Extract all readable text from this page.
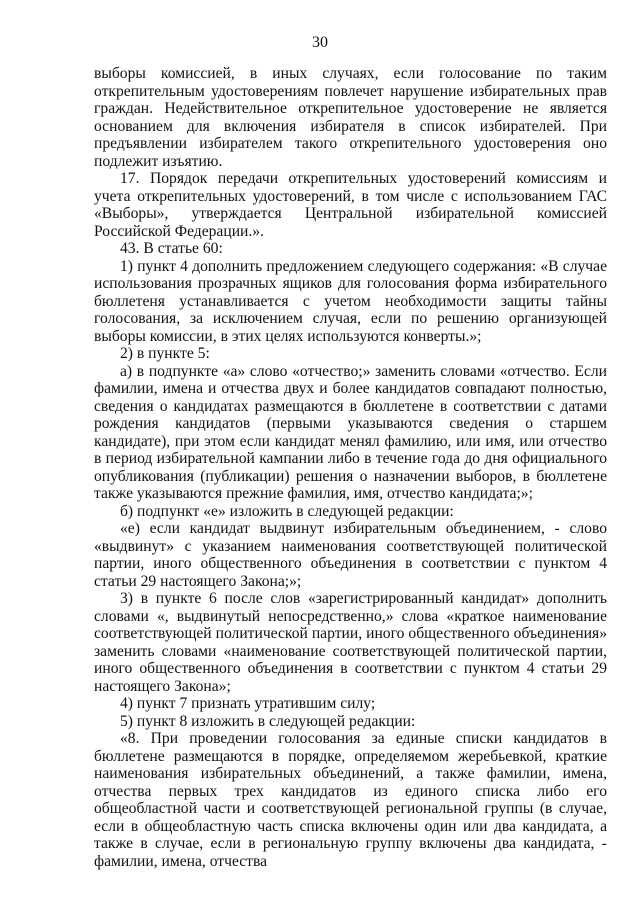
30

выборы комиссией, в иных случаях, если голосование по таким открепительным удостоверениям повлечет нарушение избирательных прав граждан. Недействительное открепительное удостоверение не является основанием для включения избирателя в список избирателей. При предъявлении избирателем такого открепительного удостоверения оно подлежит изъятию.

17. Порядок передачи открепительных удостоверений комиссиям и учета открепительных удостоверений, в том числе с использованием ГАС «Выборы», утверждается Центральной избирательной комиссией Российской Федерации.».

43. В статье 60:

1) пункт 4 дополнить предложением следующего содержания: «В случае использования прозрачных ящиков для голосования форма избирательного бюллетеня устанавливается с учетом необходимости защиты тайны голосования, за исключением случая, если по решению организующей выборы комиссии, в этих целях используются конверты.»;

2) в пункте 5:

а) в подпункте «а» слово «отчество;» заменить словами «отчество. Если фамилии, имена и отчества двух и более кандидатов совпадают полностью, сведения о кандидатах размещаются в бюллетене в соответствии с датами рождения кандидатов (первыми указываются сведения о старшем кандидате), при этом если кандидат менял фамилию, или имя, или отчество в период избирательной кампании либо в течение года до дня официального опубликования (публикации) решения о назначении выборов, в бюллетене также указываются прежние фамилия, имя, отчество кандидата;»;

б) подпункт «е» изложить в следующей редакции:

«е) если кандидат выдвинут избирательным объединением, - слово «выдвинут» с указанием наименования соответствующей политической партии, иного общественного объединения в соответствии с пунктом 4 статьи 29 настоящего Закона;»;

3) в пункте 6 после слов «зарегистрированный кандидат» дополнить словами «, выдвинутый непосредственно,» слова «краткое наименование соответствующей политической партии, иного общественного объединения» заменить словами «наименование соответствующей политической партии, иного общественного объединения в соответствии с пунктом 4 статьи 29 настоящего Закона»;

4) пункт 7 признать утратившим силу;

5) пункт 8 изложить в следующей редакции:

«8. При проведении голосования за единые списки кандидатов в бюллетене размещаются в порядке, определяемом жеребьевкой, краткие наименования избирательных объединений, а также фамилии, имена, отчества первых трех кандидатов из единого списка либо его общеобластной части и соответствующей региональной группы (в случае, если в общеобластную часть списка включены один или два кандидата, а также в случае, если в региональную группу включены два кандидата, - фамилии, имена, отчества
